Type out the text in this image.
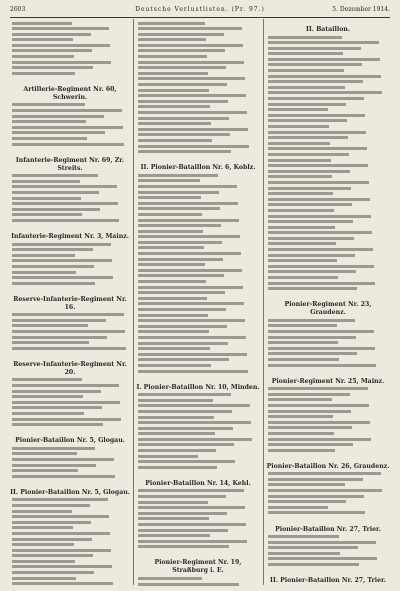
2603	Deutsche Verlustlisten. (Pr. 97.)	5. Dezember 1914.
Artillerie-Regiment Nr. 60, Schwerin.
Infanterie-Regiment Nr. 69, Zr. Streits.
Infanterie-Regiment Nr. 3, Mainz.
Reserve-Infanterie-Regiment Nr. 16.
Reserve-Infanterie-Regiment Nr. 20.
Pionier-Bataillon Nr. 5, Glogau.
II. Pionier-Bataillon Nr. 5, Glogau.
II. Pionier-Bataillon Nr. 6, Koblz.
I. Pionier-Bataillon Nr. 10, Minden.
Pionier-Bataillon Nr. 14, Kehl.
Pionier-Regiment Nr. 19, Straßburg i. E.
II. Bataillon.
Pionier-Regiment Nr. 23, Graudenz.
Pionier-Regiment Nr. 25, Mainz.
Pionier-Bataillon Nr. 26, Graudenz.
Pionier-Bataillon Nr. 27, Trier.
II. Pionier-Bataillon Nr. 27, Trier.
